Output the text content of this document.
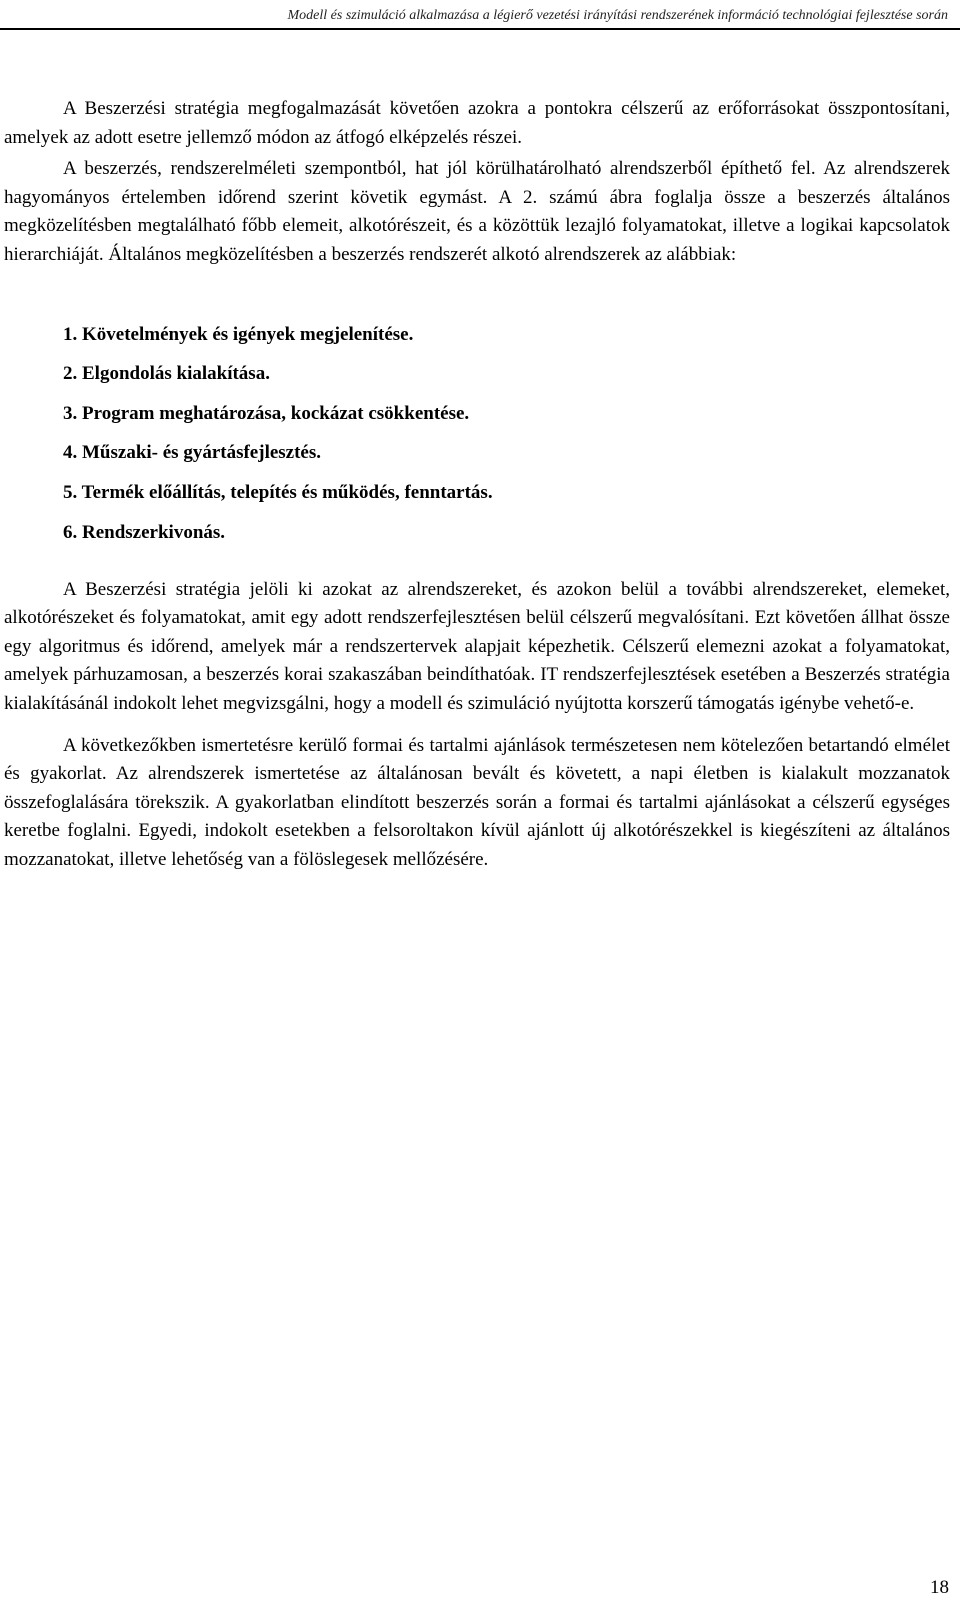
Modell és szimuláció alkalmazása a légierő vezetési irányítási rendszerének információ technológiai fejlesztése során

A Beszerzési stratégia megfogalmazását követően azokra a pontokra célszerű az erőforrásokat összpontosítani, amelyek az adott esetre jellemző módon az átfogó elképzelés részei.

A beszerzés, rendszerelméleti szempontból, hat jól körülhatárolható alrendszerből építhető fel. Az alrendszerek hagyományos értelemben időrend szerint követik egymást. A 2. számú ábra foglalja össze a beszerzés általános megközelítésben megtalálható főbb elemeit, alkotórészeit, és a közöttük lezajló folyamatokat, illetve a logikai kapcsolatok hierarchiáját. Általános megközelítésben a beszerzés rendszerét alkotó alrendszerek az alábbiak:

1. Követelmények és igények megjelenítése.
2. Elgondolás kialakítása.
3. Program meghatározása, kockázat csökkentése.
4. Műszaki- és gyártásfejlesztés.
5. Termék előállítás, telepítés és működés, fenntartás.
6. Rendszerkivonás.

A Beszerzési stratégia jelöli ki azokat az alrendszereket, és azokon belül a további alrendszereket, elemeket, alkotórészeket és folyamatokat, amit egy adott rendszerfejlesztésen belül célszerű megvalósítani. Ezt követően állhat össze egy algoritmus és időrend, amelyek már a rendszertervek alapjait képezhetik. Célszerű elemezni azokat a folyamatokat, amelyek párhuzamosan, a beszerzés korai szakaszában beindíthatóak. IT rendszerfejlesztések esetében a Beszerzés stratégia kialakításánál indokolt lehet megvizsgálni, hogy a modell és szimuláció nyújtotta korszerű támogatás igénybe vehető-e.

A következőkben ismertetésre kerülő formai és tartalmi ajánlások természetesen nem kötelezően betartandó elmélet és gyakorlat. Az alrendszerek ismertetése az általánosan bevált és követett, a napi életben is kialakult mozzanatok összefoglalására törekszik. A gyakorlatban elindított beszerzés során a formai és tartalmi ajánlásokat a célszerű egységes keretbe foglalni. Egyedi, indokolt esetekben a felsoroltakon kívül ajánlott új alkotórészekkel is kiegészíteni az általános mozzanatokat, illetve lehetőség van a fölöslegesek mellőzésére.

18
